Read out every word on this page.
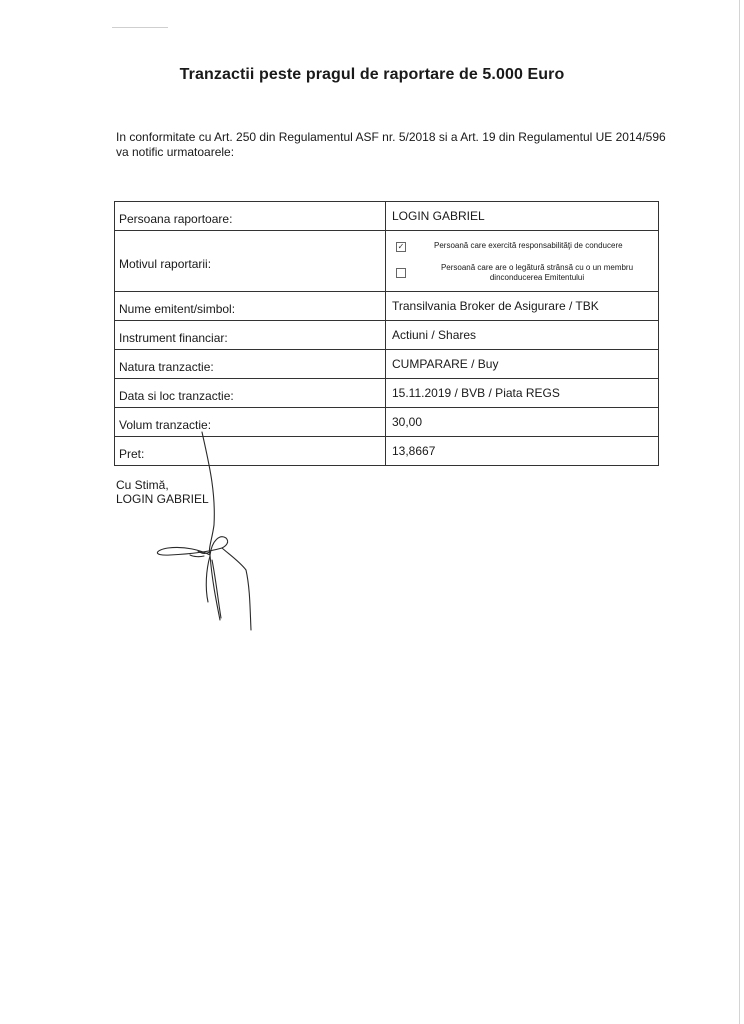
Tranzactii peste pragul de raportare de 5.000 Euro
In conformitate cu Art. 250 din Regulamentul ASF nr. 5/2018 si a Art. 19 din Regulamentul UE 2014/596
va notific urmatoarele:
Persoana raportoare:	LOGIN GABRIEL
Motivul raportarii:	✓ Persoană care exercită responsabilităţi de conducere
Persoană care are o legătură strânsă cu o un membru
dinconducerea Emitentului

Nume emitent/simbol:	Transilvania Broker de Asigurare / TBK
Instrument financiar:	Actiuni / Shares
Natura tranzactie:	CUMPARARE / Buy
Data si loc tranzactie:	15.11.2019 / BVB / Piata REGS
Volum tranzactie:	30,00
Pret:	13,8667
Cu Stimă,
LOGIN GABRIEL
